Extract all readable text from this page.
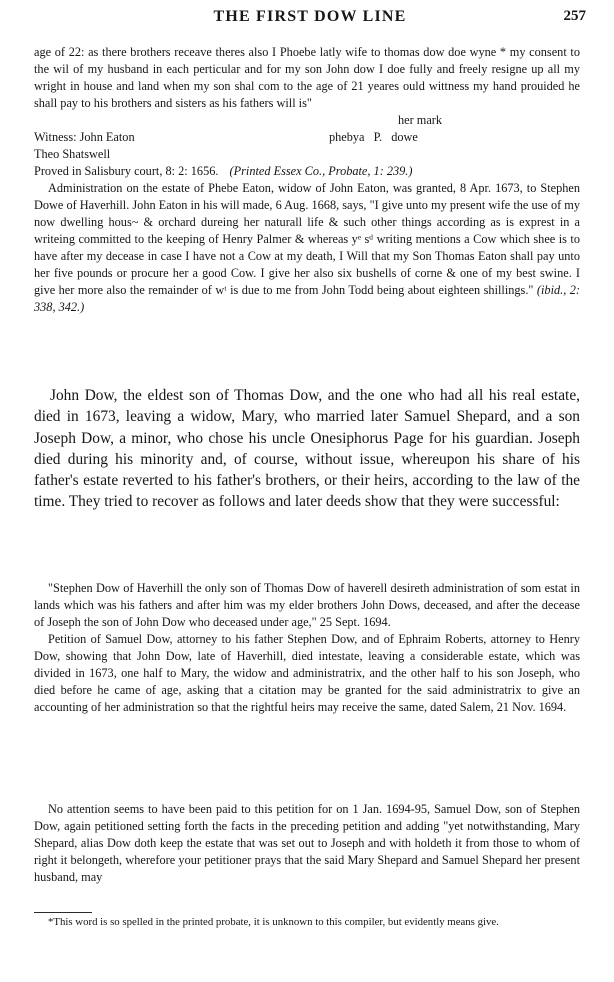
THE FIRST DOW LINE	257

age of 22: as there brothers receave theres also I Phoebe latly wife to thomas dow doe wyne * my consent to the wil of my husband in each perticular and for my son John dow I doe fully and freely resigne up all my wright in house and land when my son shal com to the age of 21 yeares ould wittness my hand prouided he shall pay to his brothers and sisters as his fathers will is"

her mark
Witness: John Eaton	phebya P. dowe
Theo Shatswell
Proved in Salisbury court, 8: 2: 1656. (Printed Essex Co., Probate, 1: 239.)

Administration on the estate of Phebe Eaton, widow of John Eaton, was granted, 8 Apr. 1673, to Stephen Dowe of Haverhill. John Eaton in his will made, 6 Aug. 1668, says, "I give unto my present wife the use of my now dwelling hous~ & orchard dureing her naturall life & such other things according as is exprest in a writeing committed to the keeping of Henry Palmer & whereas yᵉ sᵈ writing mentions a Cow which shee is to have after my decease in case I have not a Cow at my death, I Will that my Son Thomas Eaton shall pay unto her five pounds or procure her a good Cow. I give her also six bushells of corne & one of my best swine. I give her more also the remainder of wᵗ is due to me from John Todd being about eighteen shillings." (ibid., 2: 338, 342.)

John Dow, the eldest son of Thomas Dow, and the one who had all his real estate, died in 1673, leaving a widow, Mary, who married later Samuel Shepard, and a son Joseph Dow, a minor, who chose his uncle Onesiphorus Page for his guardian. Joseph died during his minority and, of course, without issue, whereupon his share of his father's estate reverted to his father's brothers, or their heirs, according to the law of the time. They tried to recover as follows and later deeds show that they were successful:

"Stephen Dow of Haverhill the only son of Thomas Dow of haverell desireth administration of som estat in lands which was his fathers and after him was my elder brothers John Dows, deceased, and after the decease of Joseph the son of John Dow who deceased under age," 25 Sept. 1694.

Petition of Samuel Dow, attorney to his father Stephen Dow, and of Ephraim Roberts, attorney to Henry Dow, showing that John Dow, late of Haverhill, died intestate, leaving a considerable estate, which was divided in 1673, one half to Mary, the widow and administratrix, and the other half to his son Joseph, who died before he came of age, asking that a citation may be granted for the said administratrix to give an accounting of her administration so that the rightful heirs may receive the same, dated Salem, 21 Nov. 1694.

No attention seems to have been paid to this petition for on 1 Jan. 1694-95, Samuel Dow, son of Stephen Dow, again petitioned setting forth the facts in the preceding petition and adding "yet notwithstanding, Mary Shepard, alias Dow doth keep the estate that was set out to Joseph and with holdeth it from those to whom of right it belongeth, wherefore your petitioner prays that the said Mary Shepard and Samuel Shepard her present husband, may

*This word is so spelled in the printed probate, it is unknown to this compiler, but evidently means give.
